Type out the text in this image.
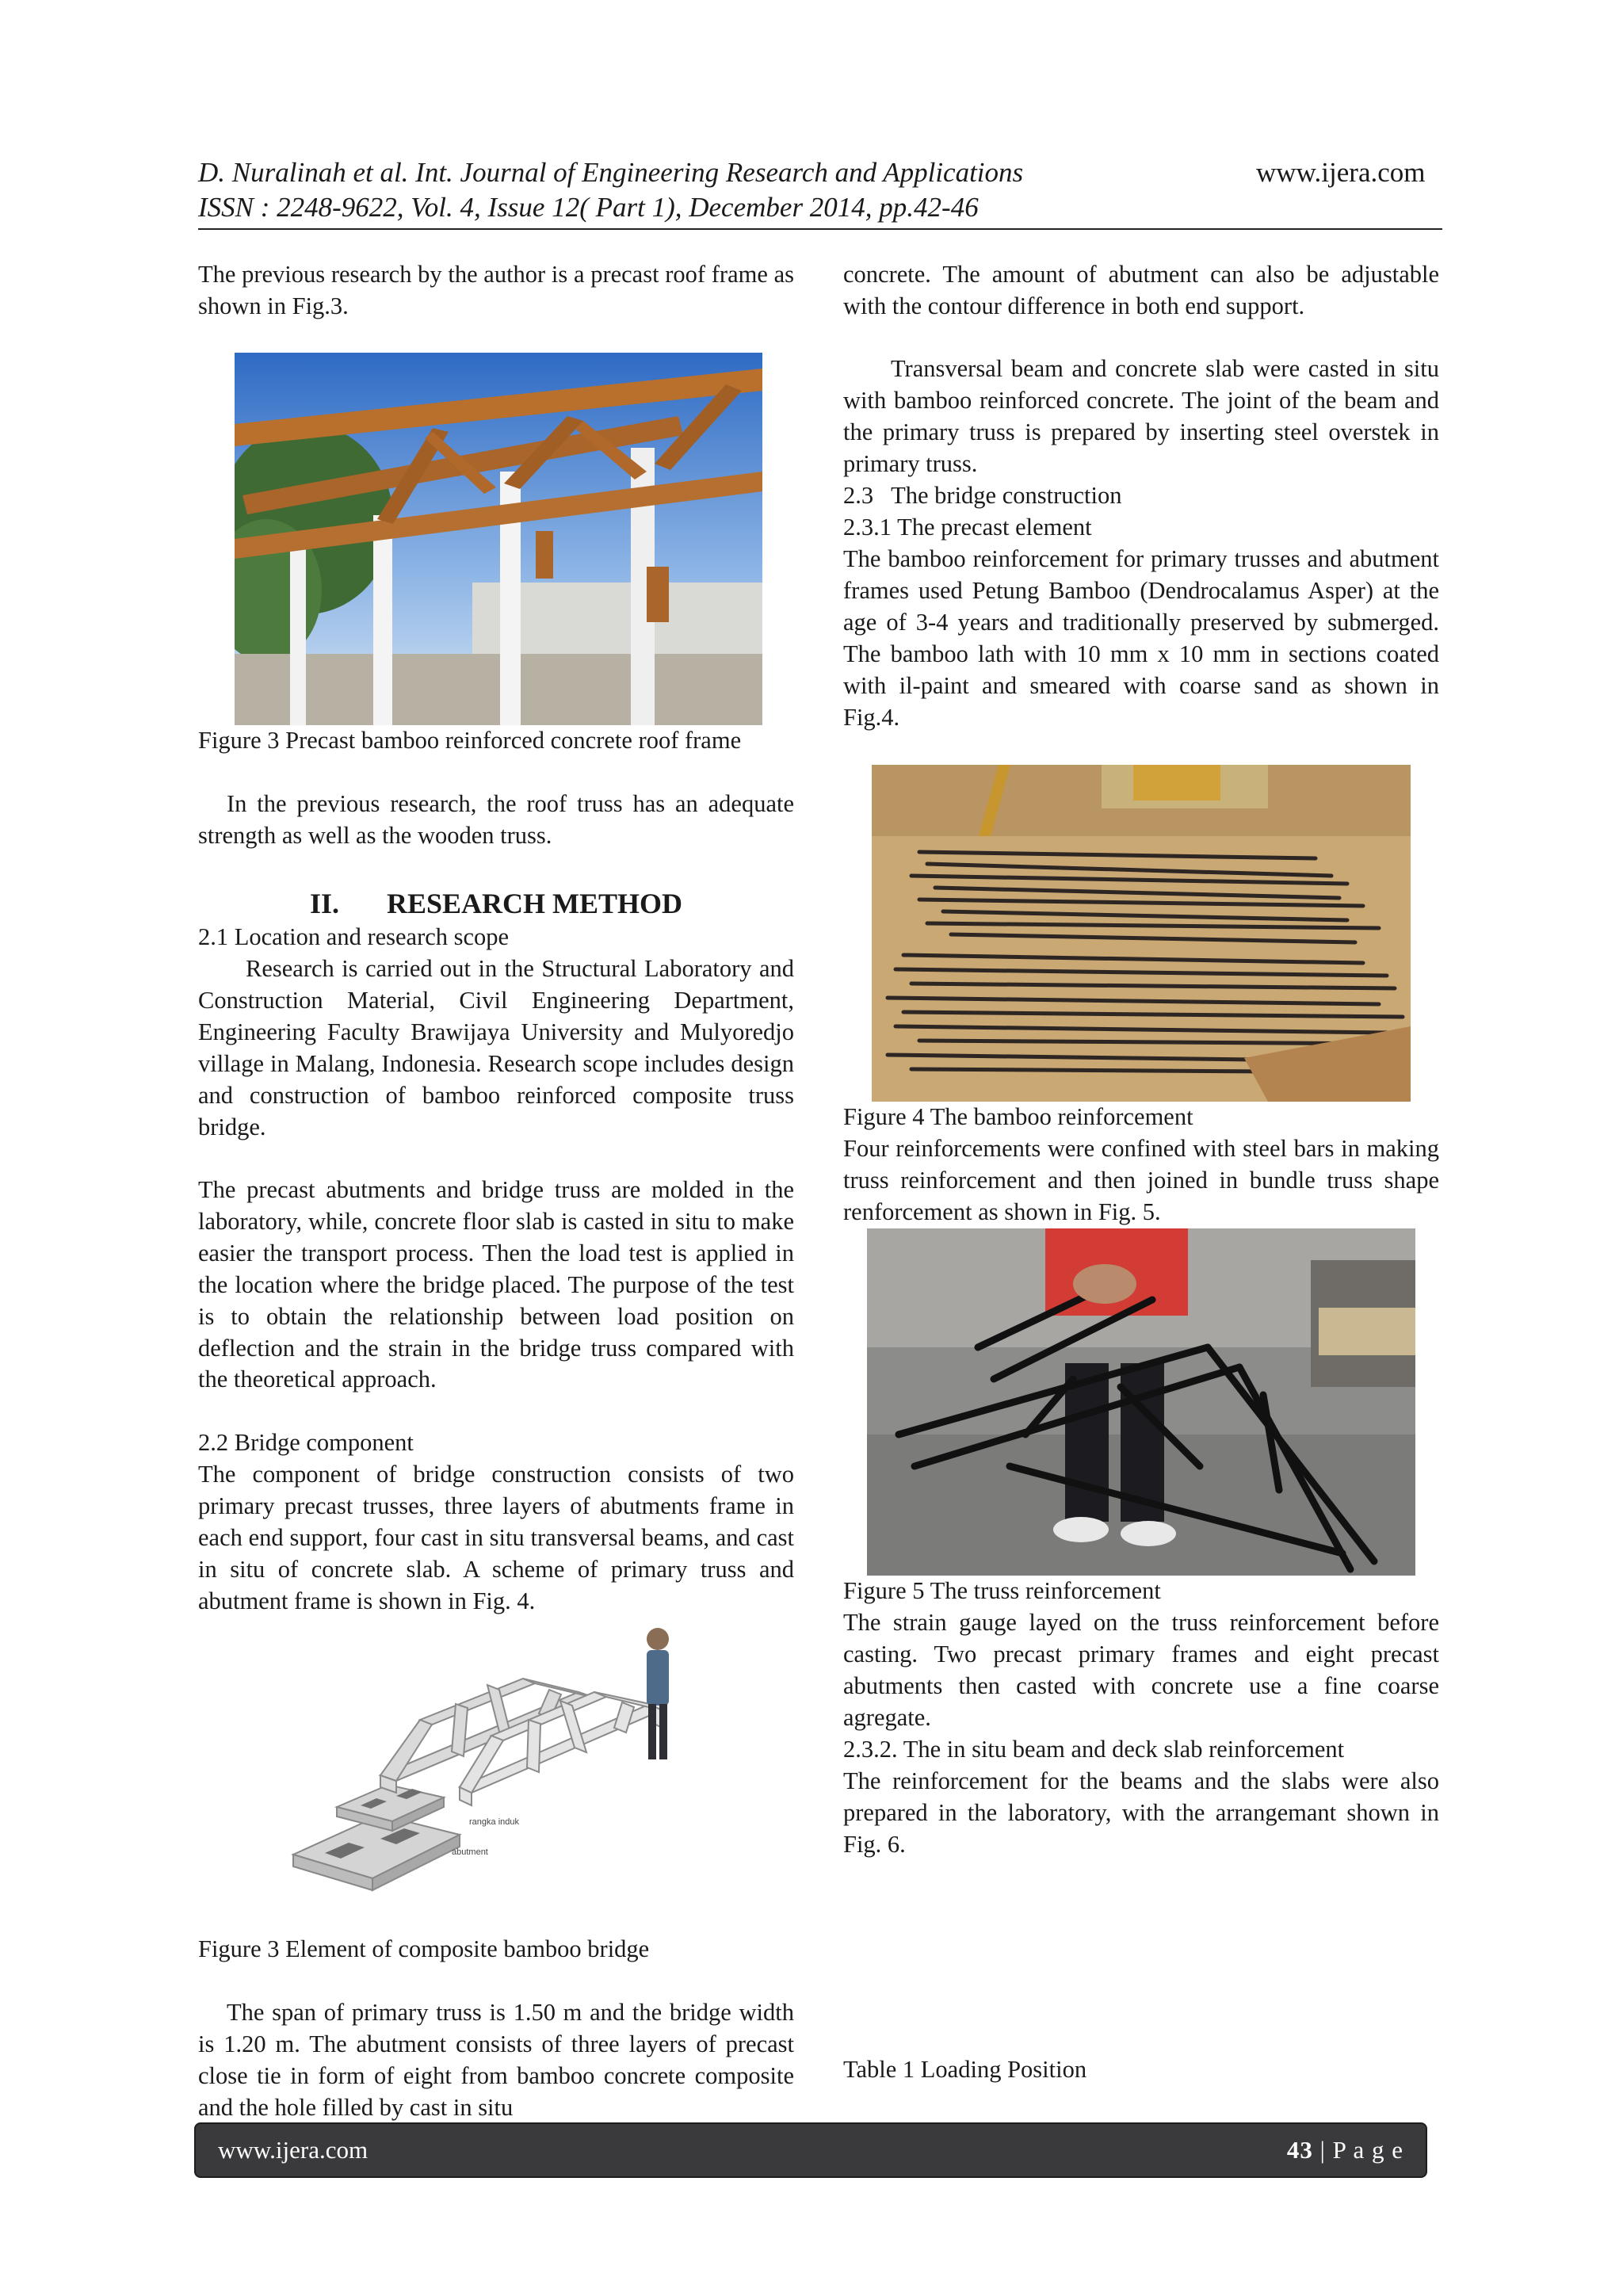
D. Nuralinah et al. Int. Journal of Engineering Research and Applications	www.ijera.com
ISSN : 2248-9622, Vol. 4, Issue 12( Part 1), December 2014, pp.42-46
The previous research by the author is a precast roof frame as shown in Fig.3.
Figure 3 Precast bamboo reinforced concrete roof frame
In the previous research, the roof truss has an adequate strength as well as the wooden truss.
II. RESEARCH METHOD
2.1 Location and research scope
Research is carried out in the Structural Laboratory and Construction Material, Civil Engineering Department, Engineering Faculty Brawijaya University and Mulyoredjo village in Malang, Indonesia. Research scope includes design and construction of bamboo reinforced composite truss bridge.
The precast abutments and bridge truss are molded in the laboratory, while, concrete floor slab is casted in situ to make easier the transport process. Then the load test is applied in the location where the bridge placed. The purpose of the test is to obtain the relationship between load position on deflection and the strain in the bridge truss compared with the theoretical approach.
2.2 Bridge component
The component of bridge construction consists of two primary precast trusses, three layers of abutments frame in each end support, four cast in situ transversal beams, and cast in situ of concrete slab. A scheme of primary truss and abutment frame is shown in Fig. 4.
rangka induk
abutment
Figure 3 Element of composite bamboo bridge
The span of primary truss is 1.50 m and the bridge width is 1.20 m. The abutment consists of three layers of precast close tie in form of eight from bamboo concrete composite and the hole filled by cast in situ
concrete. The amount of abutment can also be adjustable with the contour difference in both end support.
Transversal beam and concrete slab were casted in situ with bamboo reinforced concrete. The joint of the beam and the primary truss is prepared by inserting steel overstek in primary truss.
2.3 The bridge construction
2.3.1 The precast element
The bamboo reinforcement for primary trusses and abutment frames used Petung Bamboo (Dendrocalamus Asper) at the age of 3-4 years and traditionally preserved by submerged. The bamboo lath with 10 mm x 10 mm in sections coated with il-paint and smeared with coarse sand as shown in Fig.4.
Figure 4 The bamboo reinforcement
Four reinforcements were confined with steel bars in making truss reinforcement and then joined in bundle truss shape renforcement as shown in Fig. 5.
Figure 5 The truss reinforcement
The strain gauge layed on the truss reinforcement before casting. Two precast primary frames and eight precast abutments then casted with concrete use a fine coarse agregate.
2.3.2. The in situ beam and deck slab reinforcement
The reinforcement for the beams and the slabs were also prepared in the laboratory, with the arrangemant shown in Fig. 6.
Table 1 Loading Position
www.ijera.com	43 | P a g e
